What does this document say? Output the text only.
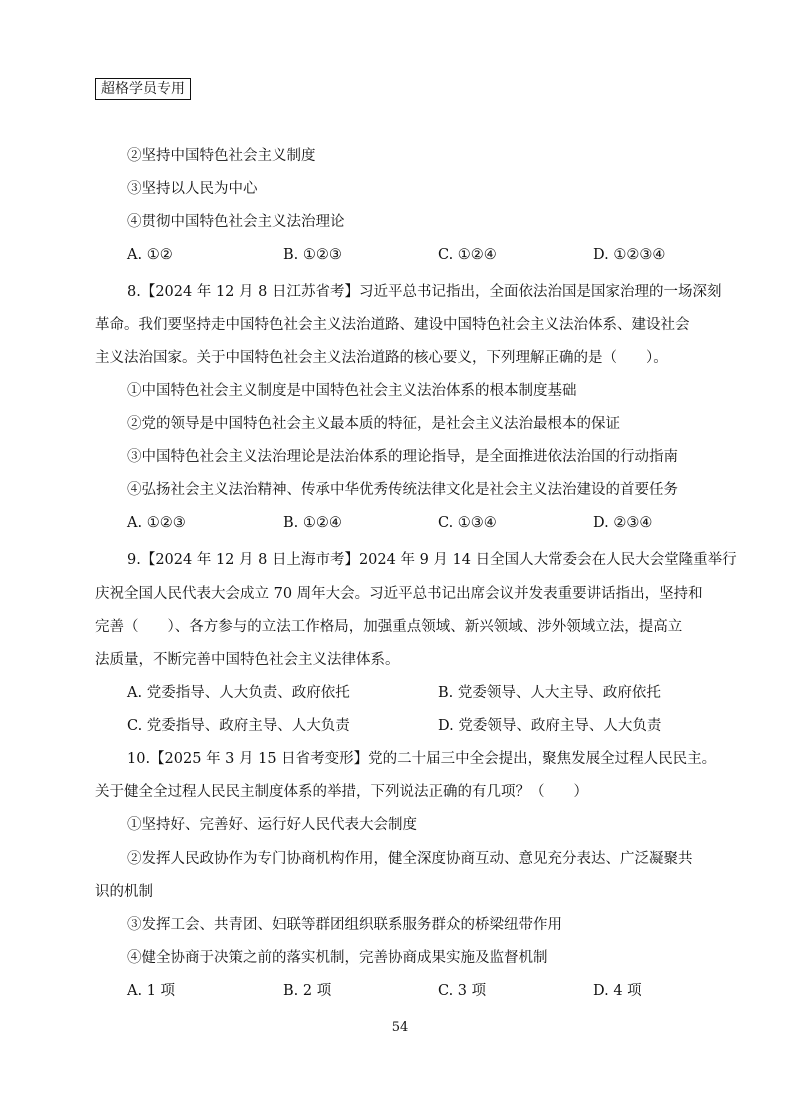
超格学员专用
②坚持中国特色社会主义制度
③坚持以人民为中心
④贯彻中国特色社会主义法治理论
A. ①②	B. ①②③	C. ①②④	D. ①②③④
8.【2024 年 12 月 8 日江苏省考】习近平总书记指出，全面依法治国是国家治理的一场深刻
革命。我们要坚持走中国特色社会主义法治道路、建设中国特色社会主义法治体系、建设社会
主义法治国家。关于中国特色社会主义法治道路的核心要义，下列理解正确的是（　　）。
①中国特色社会主义制度是中国特色社会主义法治体系的根本制度基础
②党的领导是中国特色社会主义最本质的特征，是社会主义法治最根本的保证
③中国特色社会主义法治理论是法治体系的理论指导，是全面推进依法治国的行动指南
④弘扬社会主义法治精神、传承中华优秀传统法律文化是社会主义法治建设的首要任务
A. ①②③	B. ①②④	C. ①③④	D. ②③④
9.【2024 年 12 月 8 日上海市考】2024 年 9 月 14 日全国人大常委会在人民大会堂隆重举行
庆祝全国人民代表大会成立 70 周年大会。习近平总书记出席会议并发表重要讲话指出，坚持和
完善（　　）、各方参与的立法工作格局，加强重点领域、新兴领域、涉外领域立法，提高立
法质量，不断完善中国特色社会主义法律体系。
A. 党委指导、人大负责、政府依托	B. 党委领导、人大主导、政府依托
C. 党委指导、政府主导、人大负责	D. 党委领导、政府主导、人大负责
10.【2025 年 3 月 15 日省考变形】党的二十届三中全会提出，聚焦发展全过程人民民主。
关于健全全过程人民民主制度体系的举措，下列说法正确的有几项？（　　）
①坚持好、完善好、运行好人民代表大会制度
②发挥人民政协作为专门协商机构作用，健全深度协商互动、意见充分表达、广泛凝聚共
识的机制
③发挥工会、共青团、妇联等群团组织联系服务群众的桥梁纽带作用
④健全协商于决策之前的落实机制，完善协商成果实施及监督机制
A. 1 项	B. 2 项	C. 3 项	D. 4 项
54
